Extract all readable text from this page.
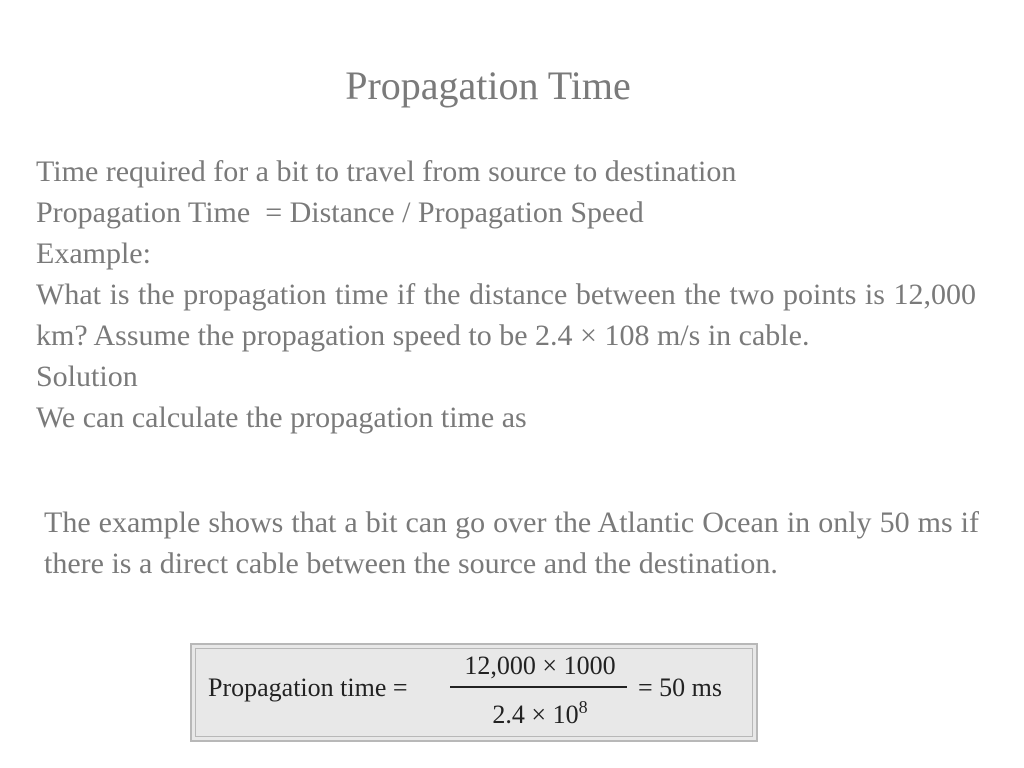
Propagation Time
Time required for a bit to travel from source to destination
Propagation Time  = Distance / Propagation Speed
Example:
What is the propagation time if the distance between the two points is 12,000 km? Assume the propagation speed to be 2.4 × 108 m/s in cable.
Solution
We can calculate the propagation time as
The example shows that a bit can go over the Atlantic Ocean in only 50 ms if there is a direct cable between the source and the destination.
Propagation time =
12,000 × 1000
$2.4 \times 10^8$
= 50 ms
